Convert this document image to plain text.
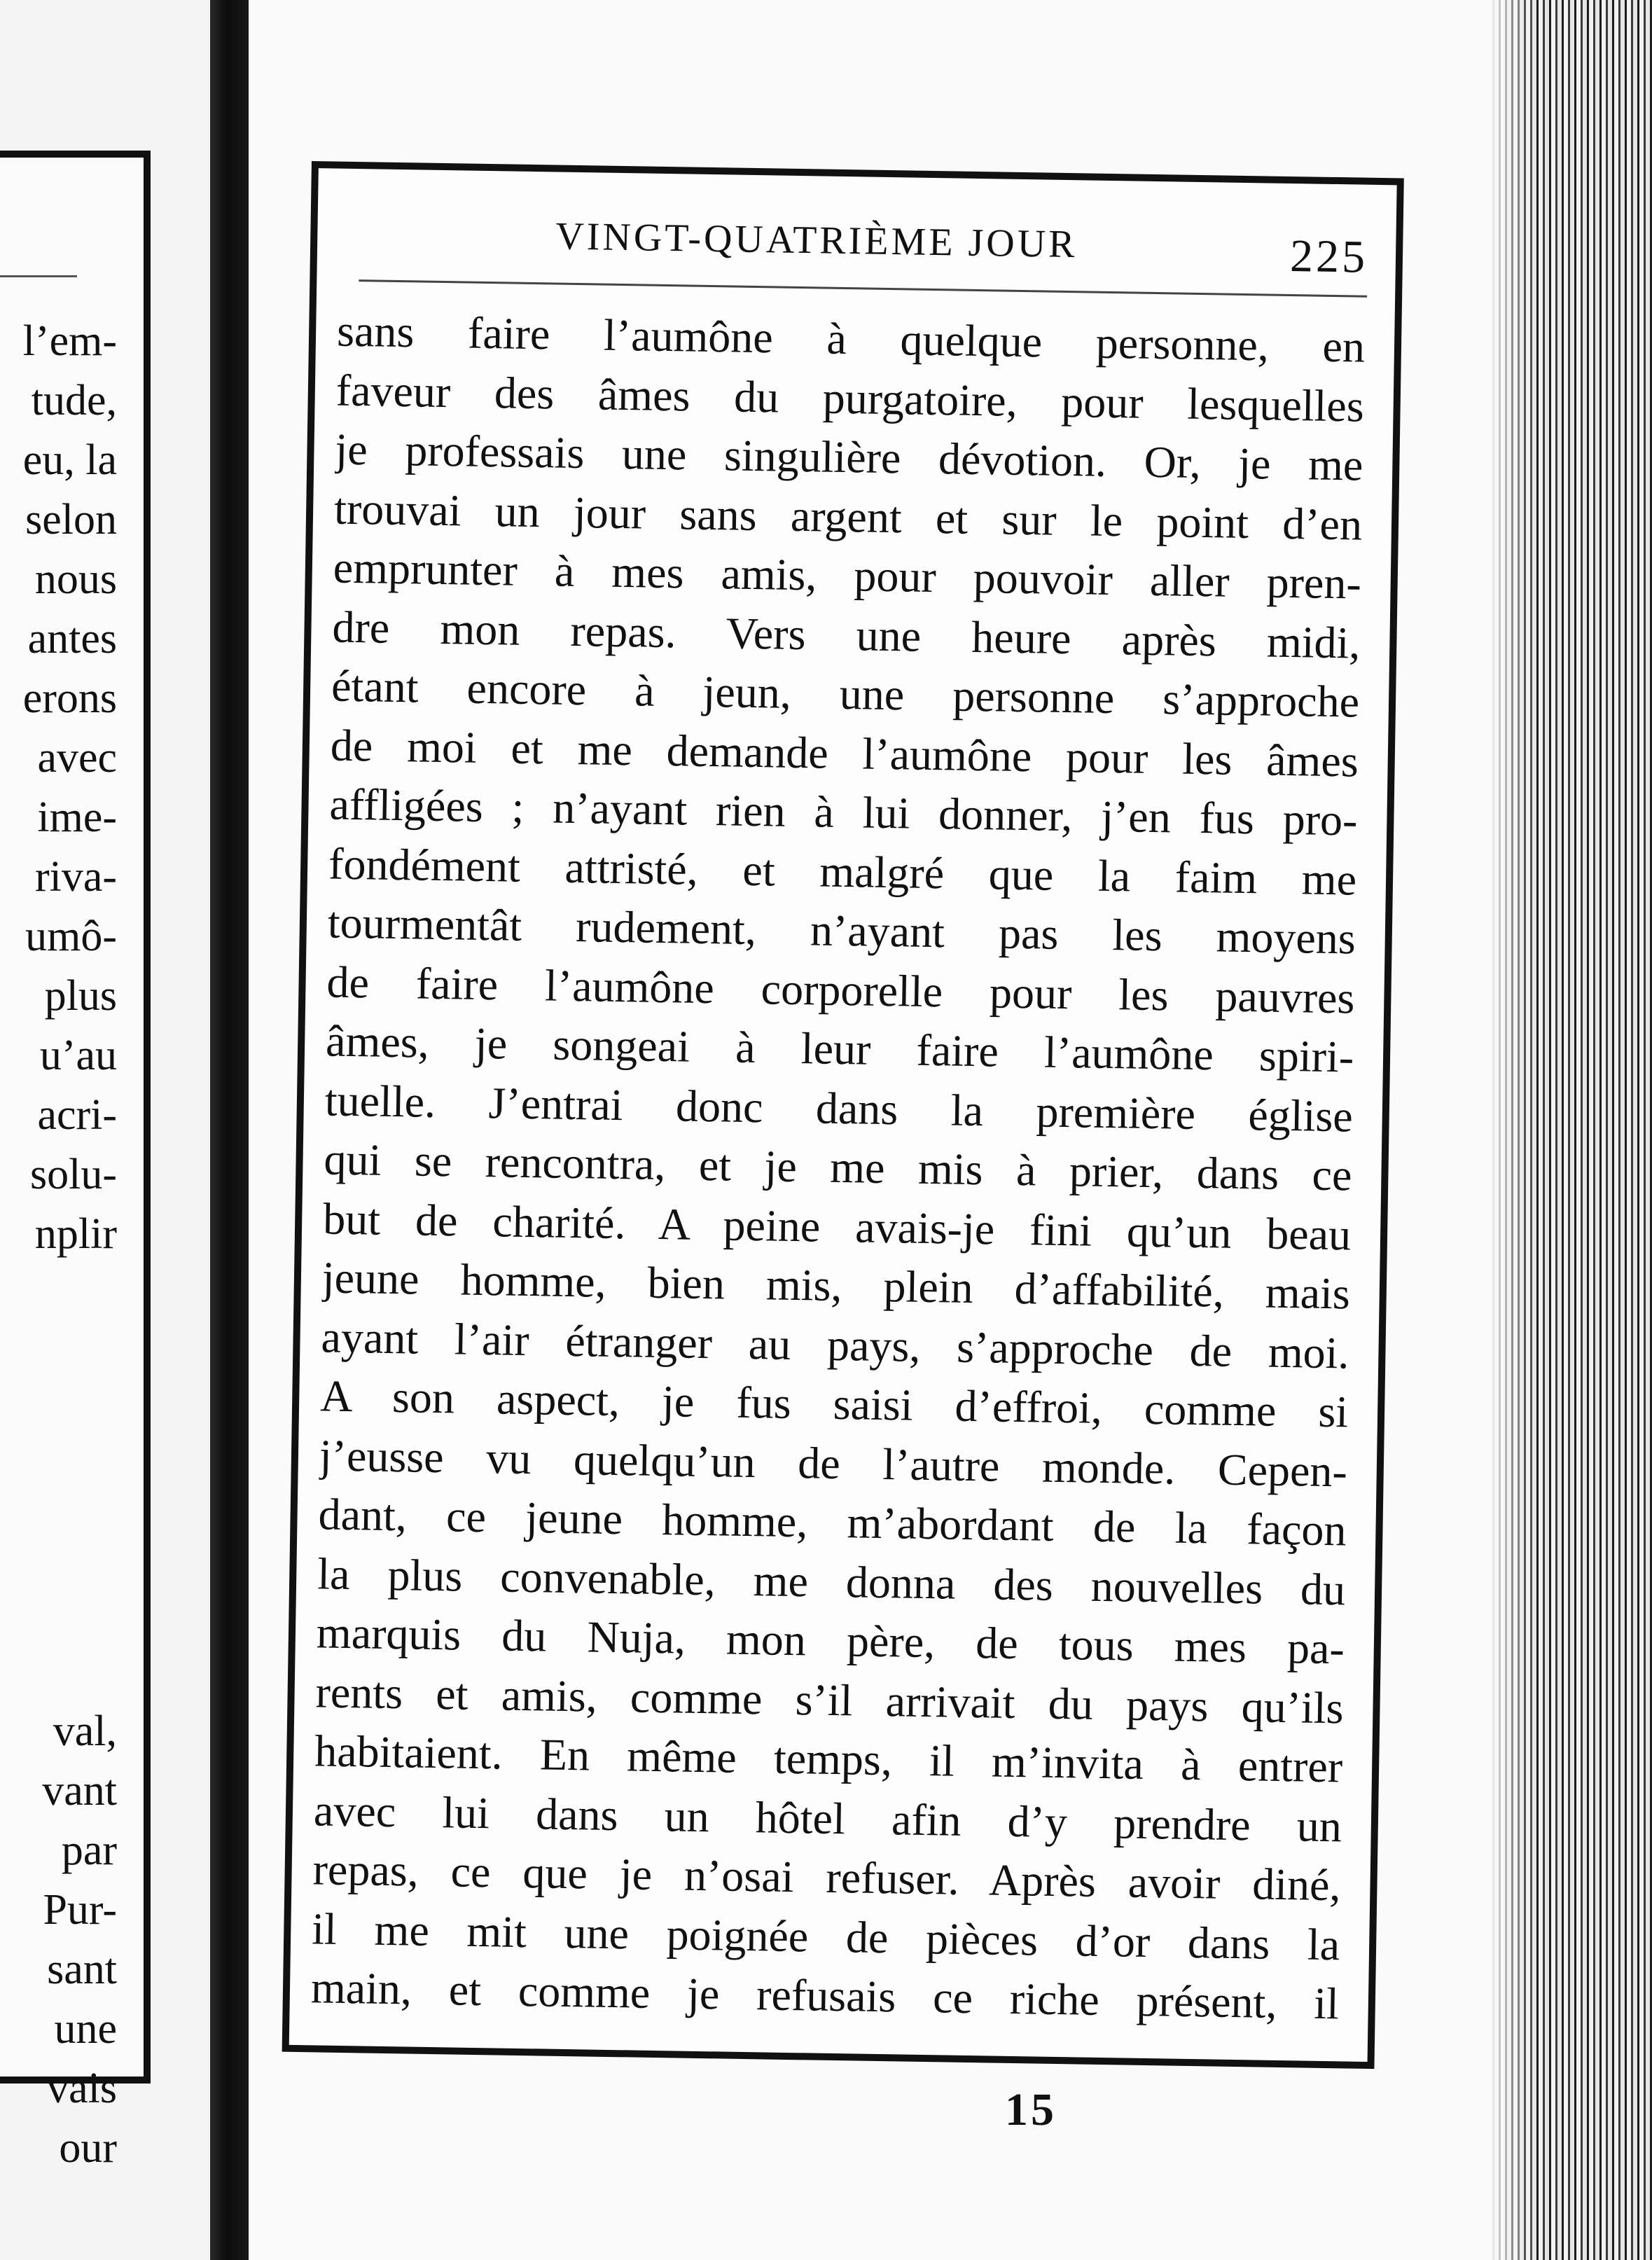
l’em-
tude,
eu, la
selon
nous
antes
erons
avec
ime-
riva-
umô-
plus
u’au
acri-
solu-
nplir
val,
vant
par
Pur-
sant
une
vais
our
VINGT-QUATRIÈME JOUR	225
sans faire l’aumône à quelque personne, en
faveur des âmes du purgatoire, pour lesquelles
je professais une singulière dévotion. Or, je me
trouvai un jour sans argent et sur le point d’en
emprunter à mes amis, pour pouvoir aller pren-
dre mon repas. Vers une heure après midi,
étant encore à jeun, une personne s’approche
de moi et me demande l’aumône pour les âmes
affligées ; n’ayant rien à lui donner, j’en fus pro-
fondément attristé, et malgré que la faim me
tourmentât rudement, n’ayant pas les moyens
de faire l’aumône corporelle pour les pauvres
âmes, je songeai à leur faire l’aumône spiri-
tuelle. J’entrai donc dans la première église
qui se rencontra, et je me mis à prier, dans ce
but de charité. A peine avais-je fini qu’un beau
jeune homme, bien mis, plein d’affabilité, mais
ayant l’air étranger au pays, s’approche de moi.
A son aspect, je fus saisi d’effroi, comme si
j’eusse vu quelqu’un de l’autre monde. Cepen-
dant, ce jeune homme, m’abordant de la façon
la plus convenable, me donna des nouvelles du
marquis du Nuja, mon père, de tous mes pa-
rents et amis, comme s’il arrivait du pays qu’ils
habitaient. En même temps, il m’invita à entrer
avec lui dans un hôtel afin d’y prendre un
repas, ce que je n’osai refuser. Après avoir diné,
il me mit une poignée de pièces d’or dans la
main, et comme je refusais ce riche présent, il
15
